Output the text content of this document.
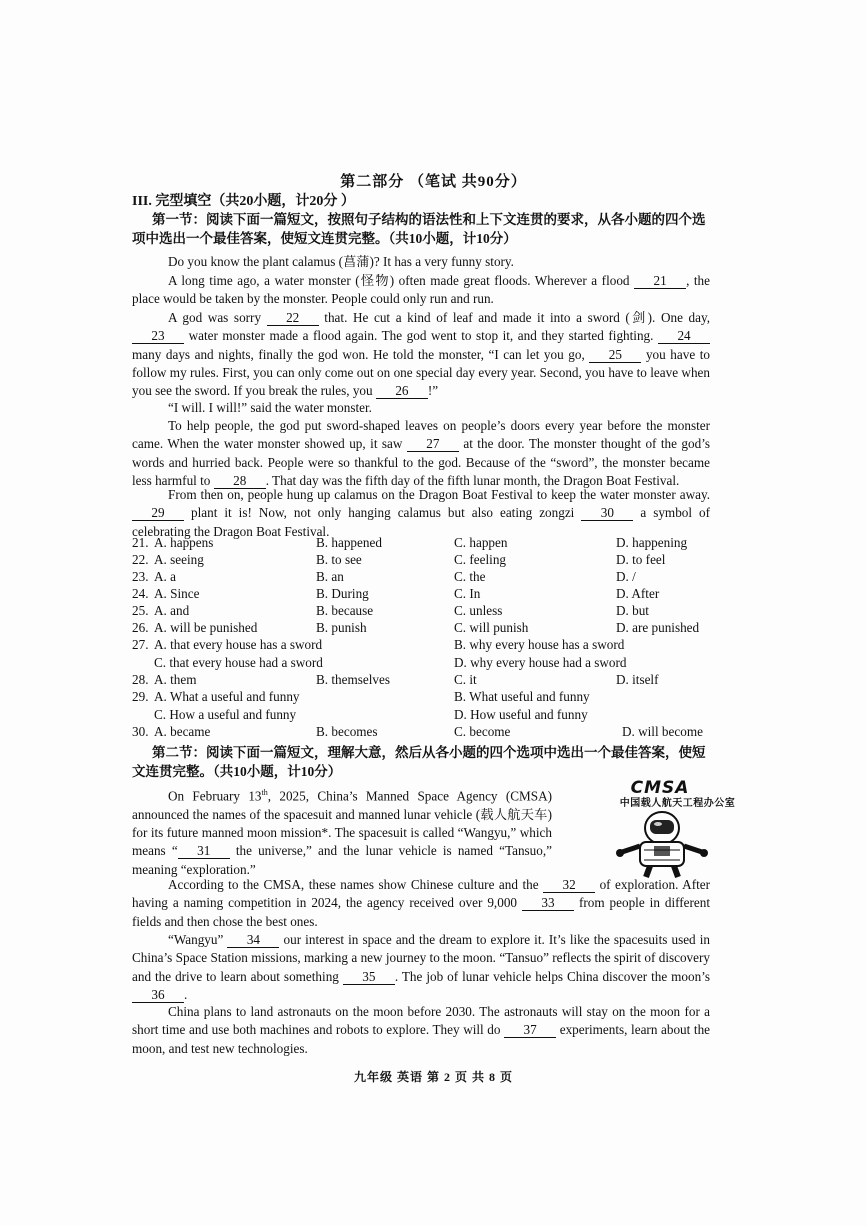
第二部分 （笔试 共90分）
III. 完型填空（共20小题，计20分 ）
第一节：阅读下面一篇短文，按照句子结构的语法性和上下文连贯的要求，从各小题的四个选项中选出一个最佳答案，使短文连贯完整。（共10小题，计10分）
Do you know the plant calamus (菖蒲)? It has a very funny story.
A long time ago, a water monster (怪物) often made great floods. Wherever a flood 21 , the place would be taken by the monster. People could only run and run.
A god was sorry 22 that. He cut a kind of leaf and made it into a sword (剑). One day, 23 water monster made a flood again. The god went to stop it, and they started fighting. 24 many days and nights, finally the god won. He told the monster, “I can let you go, 25 you have to follow my rules. First, you can only come out on one special day every year. Second, you have to leave when you see the sword. If you break the rules, you 26 !”
“I will. I will!” said the water monster.
To help people, the god put sword-shaped leaves on people’s doors every year before the monster came. When the water monster showed up, it saw 27 at the door. The monster thought of the god’s words and hurried back. People were so thankful to the god. Because of the “sword”, the monster became less harmful to 28 . That day was the fifth day of the fifth lunar month, the Dragon Boat Festival.
From then on, people hung up calamus on the Dragon Boat Festival to keep the water monster away. 29 plant it is! Now, not only hanging calamus but also eating zongzi 30 a symbol of celebrating the Dragon Boat Festival.
21. A. happens	B. happened	C. happen	D. happening
22. A. seeing	B. to see	C. feeling	D. to feel
23. A. a	B. an	C. the	D. /
24. A. Since	B. During	C. In	D. After
25. A. and	B. because	C. unless	D. but
26. A. will be punished	B. punish	C. will punish	D. are punished
27. A. that every house has a sword	B. why every house has a sword
C. that every house had a sword	D. why every house had a sword
28. A. them	B. themselves	C. it	D. itself
29. A. What a useful and funny	B. What useful and funny
C. How a useful and funny	D. How useful and funny
30. A. became	B. becomes	C. become	D. will become
第二节：阅读下面一篇短文，理解大意，然后从各小题的四个选项中选出一个最佳答案，使短文连贯完整。（共10小题，计10分）
On February 13th, 2025, China’s Manned Space Agency (CMSA) announced the names of the spacesuit and manned lunar vehicle (载人航天车) for its future manned moon mission*. The spacesuit is called “Wangyu,” which means “ 31 the universe,” and the lunar vehicle is named “Tansuo,” meaning “exploration.”
CMSA
中国载人航天工程办公室
According to the CMSA, these names show Chinese culture and the 32 of exploration. After having a naming competition in 2024, the agency received over 9,000 33 from people in different fields and then chose the best ones.
“Wangyu” 34 our interest in space and the dream to explore it. It’s like the spacesuits used in China’s Space Station missions, marking a new journey to the moon. “Tansuo” reflects the spirit of discovery and the drive to learn about something 35 . The job of lunar vehicle helps China discover the moon’s 36 .
China plans to land astronauts on the moon before 2030. The astronauts will stay on the moon for a short time and use both machines and robots to explore. They will do 37 experiments, learn about the moon, and test new technologies.
九年级 英语 第 2 页 共 8 页
